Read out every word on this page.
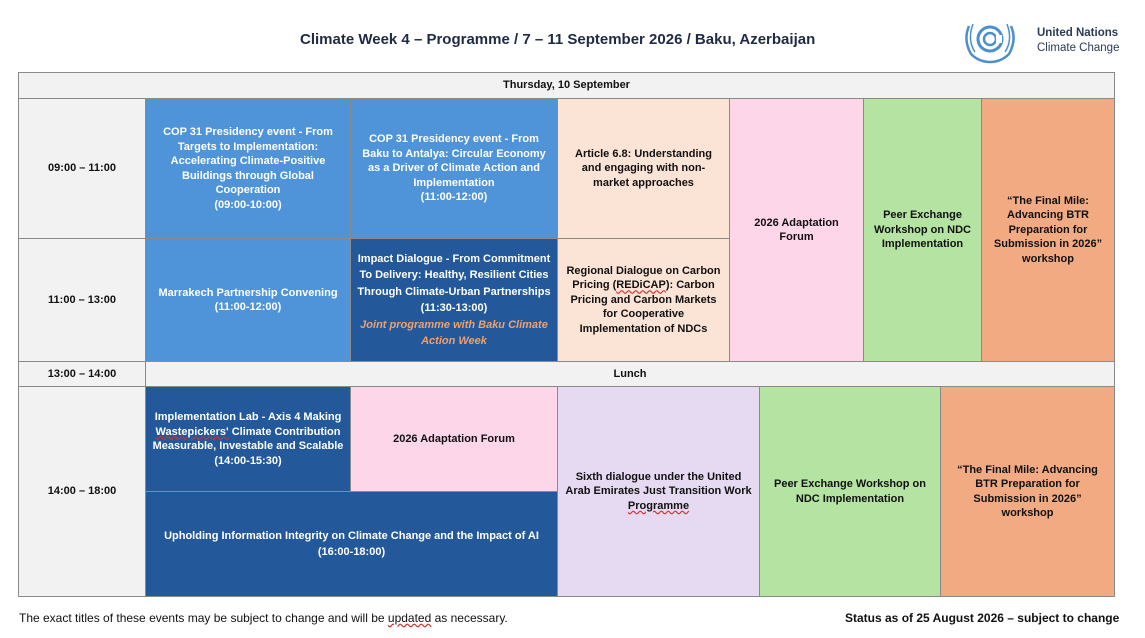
Climate Week 4 – Programme / 7 – 11 September 2026 / Baku, Azerbaijan	United Nations
Climate Change
Thursday, 10 September
09:00 – 11:00
11:00 – 13:00
13:00 – 14:00
14:00 – 18:00
COP 31 Presidency event - From Targets to Implementation: Accelerating Climate-Positive Buildings through Global Cooperation
(09:00-10:00)
COP 31 Presidency event - From Baku to Antalya: Circular Economy as a Driver of Climate Action and Implementation
(11:00-12:00)
Article 6.8: Understanding and engaging with non-market approaches
2026 Adaptation Forum
Peer Exchange Workshop on NDC Implementation
“The Final Mile: Advancing BTR Preparation for Submission in 2026” workshop
Marrakech Partnership Convening
(11:00-12:00)
Impact Dialogue - From Commitment To Delivery: Healthy, Resilient Cities Through Climate-Urban Partnerships
(11:30-13:00)
Joint programme with Baku Climate Action Week
Regional Dialogue on Carbon Pricing (REDiCAP): Carbon Pricing and Carbon Markets for Cooperative Implementation of NDCs
Lunch
Implementation Lab - Axis 4 Making Wastepickers' Climate Contribution Measurable, Investable and Scalable
(14:00-15:30)
2026 Adaptation Forum
Upholding Information Integrity on Climate Change and the Impact of AI
(16:00-18:00)
Sixth dialogue under the United Arab Emirates Just Transition Work Programme
Peer Exchange Workshop on NDC Implementation
“The Final Mile: Advancing BTR Preparation for Submission in 2026” workshop
The exact titles of these events may be subject to change and will be updated as necessary.	Status as of 25 August 2026 – subject to change
